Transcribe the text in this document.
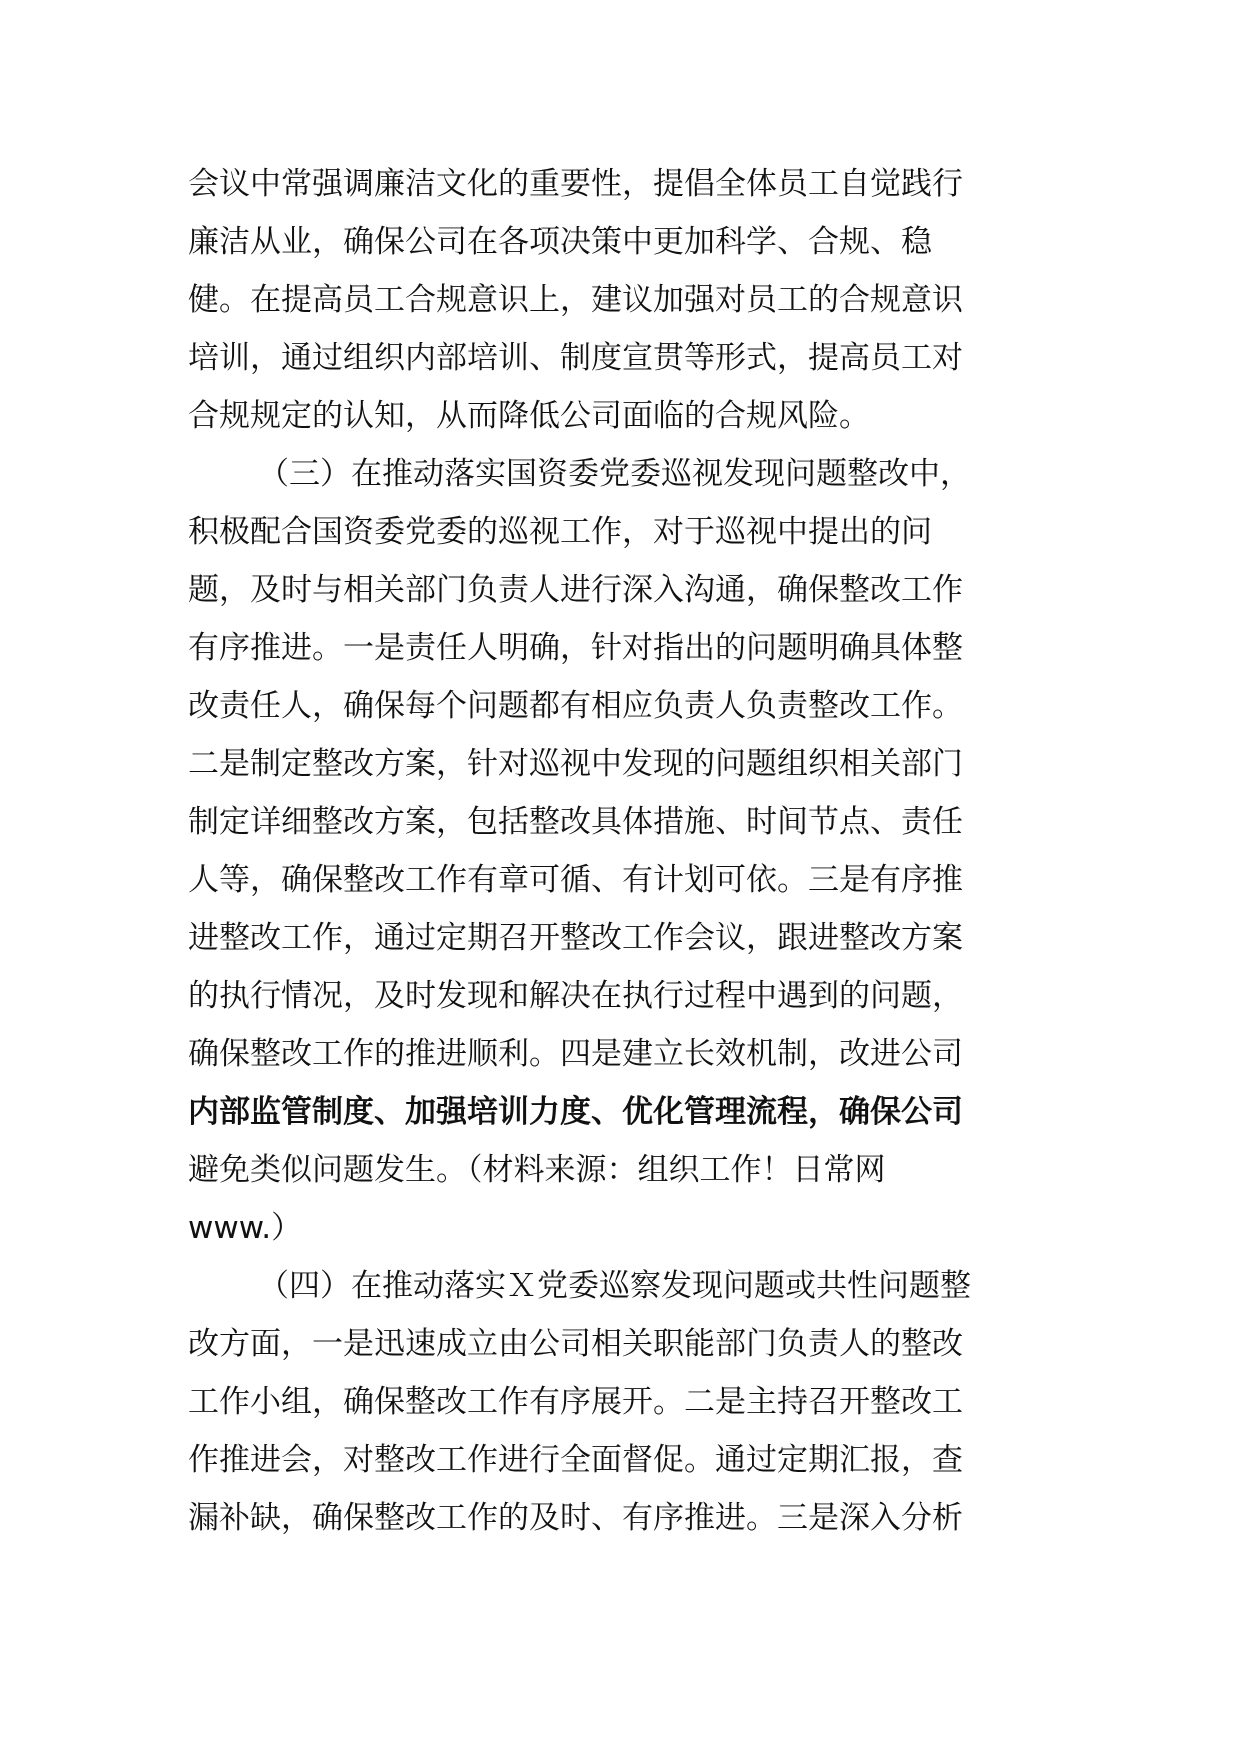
会议中常强调廉洁文化的重要性，提倡全体员工自觉践行
廉洁从业，确保公司在各项决策中更加科学、合规、稳
健。在提高员工合规意识上，建议加强对员工的合规意识
培训，通过组织内部培训、制度宣贯等形式，提高员工对
合规规定的认知，从而降低公司面临的合规风险。
（三）在推动落实国资委党委巡视发现问题整改中，
积极配合国资委党委的巡视工作，对于巡视中提出的问
题，及时与相关部门负责人进行深入沟通，确保整改工作
有序推进。一是责任人明确，针对指出的问题明确具体整
改责任人，确保每个问题都有相应负责人负责整改工作。
二是制定整改方案，针对巡视中发现的问题组织相关部门
制定详细整改方案，包括整改具体措施、时间节点、责任
人等，确保整改工作有章可循、有计划可依。三是有序推
进整改工作，通过定期召开整改工作会议，跟进整改方案
的执行情况，及时发现和解决在执行过程中遇到的问题，
确保整改工作的推进顺利。四是建立长效机制，改进公司
内部监管制度、加强培训力度、优化管理流程，确保公司
避免类似问题发生。（材料来源：组织工作！日常网
www.）
（四）在推动落实Ｘ党委巡察发现问题或共性问题整
改方面，一是迅速成立由公司相关职能部门负责人的整改
工作小组，确保整改工作有序展开。二是主持召开整改工
作推进会，对整改工作进行全面督促。通过定期汇报，查
漏补缺，确保整改工作的及时、有序推进。三是深入分析
